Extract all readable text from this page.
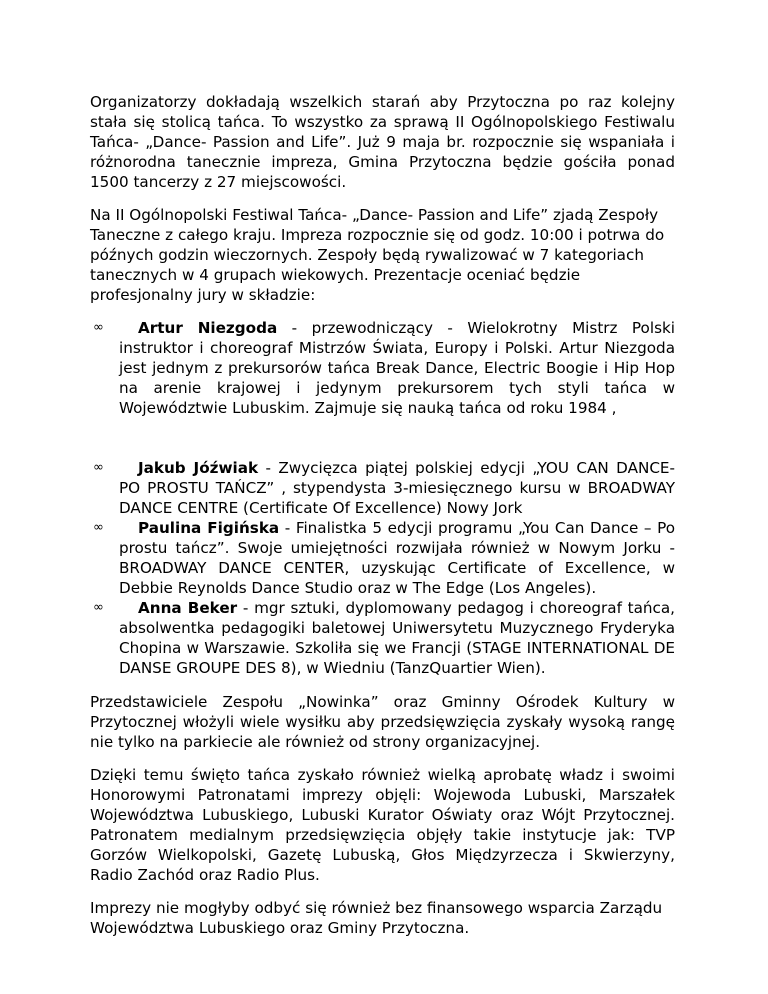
Organizatorzy dokładają wszelkich starań aby Przytoczna po raz kolejny stała się stolicą tańca. To wszystko za sprawą II Ogólnopolskiego Festiwalu Tańca- „Dance- Passion and Life”. Już 9 maja br. rozpocznie się wspaniała i różnorodna tanecznie impreza, Gmina Przytoczna będzie gościła ponad 1500 tancerzy z 27 miejscowości.

Na II Ogólnopolski Festiwal Tańca- „Dance- Passion and Life” zjadą Zespoły Taneczne z całego kraju. Impreza rozpocznie się od godz. 10:00 i potrwa do późnych godzin wieczornych. Zespoły będą rywalizować w 7 kategoriach tanecznych w 4 grupach wiekowych. Prezentacje oceniać będzie profesjonalny jury w składzie:

∞ Artur Niezgoda - przewodniczący - Wielokrotny Mistrz Polski instruktor i choreograf Mistrzów Świata, Europy i Polski. Artur Niezgoda jest jednym z prekursorów tańca Break Dance, Electric Boogie i Hip Hop na arenie krajowej i jedynym prekursorem tych styli tańca w Województwie Lubuskim. Zajmuje się nauką tańca od roku 1984 ,
∞ Jakub Jóźwiak - Zwycięzca piątej polskiej edycji „YOU CAN DANCE- PO PROSTU TAŃCZ” , stypendysta 3-miesięcznego kursu w BROADWAY DANCE CENTRE (Certificate Of Excellence) Nowy Jork
∞ Paulina Figińska - Finalistka 5 edycji programu „You Can Dance – Po prostu tańcz”. Swoje umiejętności rozwijała również w Nowym Jorku - BROADWAY DANCE CENTER, uzyskując Certificate of Excellence, w Debbie Reynolds Dance Studio oraz w The Edge (Los Angeles).
∞ Anna Beker - mgr sztuki, dyplomowany pedagog i choreograf tańca, absolwentka pedagogiki baletowej Uniwersytetu Muzycznego Fryderyka Chopina w Warszawie. Szkoliła się we Francji (STAGE INTERNATIONAL DE DANSE GROUPE DES 8), w Wiedniu (TanzQuartier Wien).

Przedstawiciele Zespołu „Nowinka” oraz Gminny Ośrodek Kultury w Przytocznej włożyli wiele wysiłku aby przedsięwzięcia zyskały wysoką rangę nie tylko na parkiecie ale również od strony organizacyjnej.

Dzięki temu święto tańca zyskało również wielką aprobatę władz i swoimi Honorowymi Patronatami imprezy objęli: Wojewoda Lubuski, Marszałek Województwa Lubuskiego, Lubuski Kurator Oświaty oraz Wójt Przytocznej. Patronatem medialnym przedsięwzięcia objęły takie instytucje jak: TVP Gorzów Wielkopolski, Gazetę Lubuską, Głos Międzyrzecza i Skwierzyny, Radio Zachód oraz Radio Plus.

Imprezy nie mogłyby odbyć się również bez finansowego wsparcia Zarządu Województwa Lubuskiego oraz Gminy Przytoczna.
